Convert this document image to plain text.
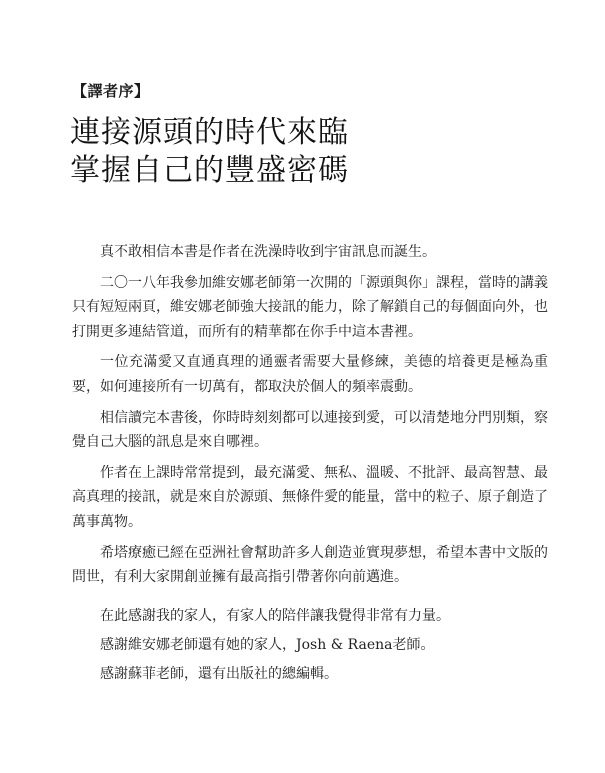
【譯者序】
連接源頭的時代來臨
掌握自己的豐盛密碼

真不敢相信本書是作者在洗澡時收到宇宙訊息而誕生。

二〇一八年我參加維安娜老師第一次開的「源頭與你」課程，當時的講義只有短短兩頁，維安娜老師強大接訊的能力，除了解鎖自己的每個面向外，也打開更多連結管道，而所有的精華都在你手中這本書裡。

一位充滿愛又直通真理的通靈者需要大量修練，美德的培養更是極為重要，如何連接所有一切萬有，都取決於個人的頻率震動。

相信讀完本書後，你時時刻刻都可以連接到愛，可以清楚地分門別類，察覺自己大腦的訊息是來自哪裡。

作者在上課時常常提到，最充滿愛、無私、溫暖、不批評、最高智慧、最高真理的接訊，就是來自於源頭、無條件愛的能量，當中的粒子、原子創造了萬事萬物。

希塔療癒已經在亞洲社會幫助許多人創造並實現夢想，希望本書中文版的問世，有利大家開創並擁有最高指引帶著你向前邁進。

在此感謝我的家人，有家人的陪伴讓我覺得非常有力量。

感謝維安娜老師還有她的家人，Josh & Raena老師。

感謝蘇菲老師，還有出版社的總編輯。
